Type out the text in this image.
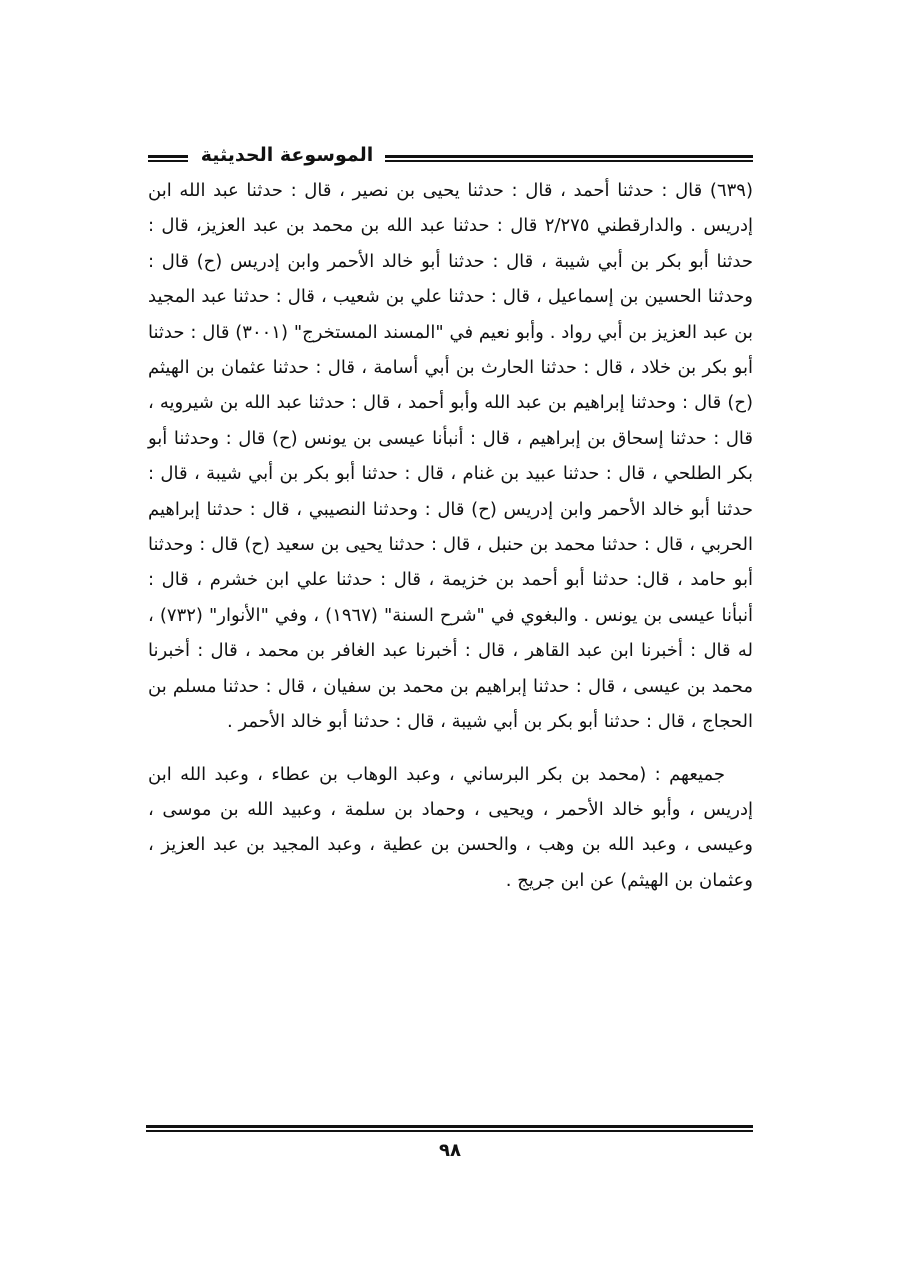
الموسوعة الحديثية

(٦٣٩) قال : حدثنا أحمد ، قال : حدثنا يحيى بن نصير ، قال : حدثنا عبد الله ابن إدريس . والدارقطني ٢/٢٧٥ قال : حدثنا عبد الله بن محمد بن عبد العزيز، قال : حدثنا أبو بكر بن أبي شيبة ، قال : حدثنا أبو خالد الأحمر وابن إدريس (ح) قال : وحدثنا الحسين بن إسماعيل ، قال : حدثنا علي بن شعيب ، قال : حدثنا عبد المجيد بن عبد العزيز بن أبي رواد . وأبو نعيم في "المسند المستخرج" (٣٠٠١) قال : حدثنا أبو بكر بن خلاد ، قال : حدثنا الحارث بن أبي أسامة ، قال : حدثنا عثمان بن الهيثم (ح) قال : وحدثنا إبراهيم بن عبد الله وأبو أحمد ، قال : حدثنا عبد الله بن شيرويه ، قال : حدثنا إسحاق بن إبراهيم ، قال : أنبأنا عيسى بن يونس (ح) قال : وحدثنا أبو بكر الطلحي ، قال : حدثنا عبيد بن غنام ، قال : حدثنا أبو بكر بن أبي شيبة ، قال : حدثنا أبو خالد الأحمر وابن إدريس (ح) قال : وحدثنا النصيبي ، قال : حدثنا إبراهيم الحربي ، قال : حدثنا محمد بن حنبل ، قال : حدثنا يحيى بن سعيد (ح) قال : وحدثنا أبو حامد ، قال: حدثنا أبو أحمد بن خزيمة ، قال : حدثنا علي ابن خشرم ، قال : أنبأنا عيسى بن يونس . والبغوي في "شرح السنة" (١٩٦٧) ، وفي "الأنوار" (٧٣٢) ، له قال : أخبرنا ابن عبد القاهر ، قال : أخبرنا عبد الغافر بن محمد ، قال : أخبرنا محمد بن عيسى ، قال : حدثنا إبراهيم بن محمد بن سفيان ، قال : حدثنا مسلم بن الحجاج ، قال : حدثنا أبو بكر بن أبي شيبة ، قال : حدثنا أبو خالد الأحمر .

جميعهم : (محمد بن بكر البرساني ، وعبد الوهاب بن عطاء ، وعبد الله ابن إدريس ، وأبو خالد الأحمر ، ويحيى ، وحماد بن سلمة ، وعبيد الله بن موسى ، وعيسى ، وعبد الله بن وهب ، والحسن بن عطية ، وعبد المجيد بن عبد العزيز ، وعثمان بن الهيثم) عن ابن جريج .

٩٨
